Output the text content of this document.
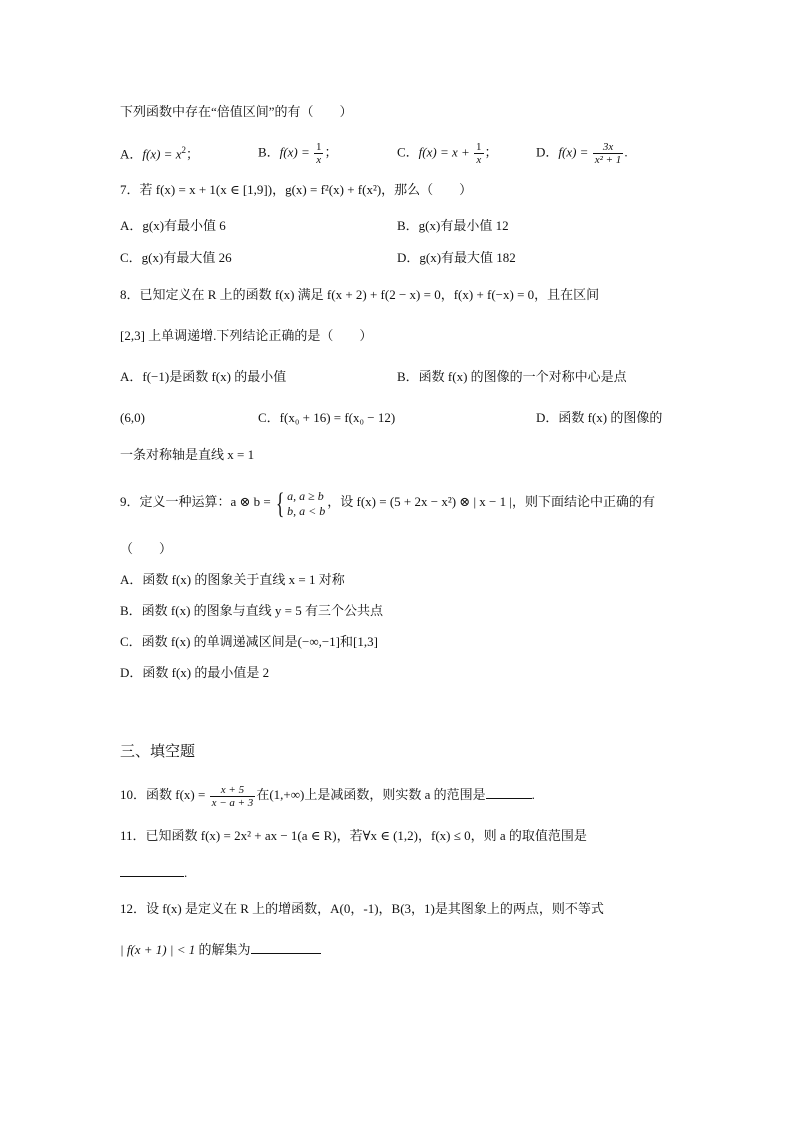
下列函数中存在“倍值区间”的有（　　）
A．$f(x) = x^2$；	B．$f(x) = \frac{1}{x}$ ；	C．$f(x) = x + \frac{1}{x}$ ；	D．$f(x) = \frac{3x}{\text{x² + 1}}$ .
7．若 f(x) = x + 1(x ∈ [1,9])，g(x) = f²(x) + f(x²)，那么（　　）
A．g(x)有最小值 6	B．g(x)有最小值 12
C．g(x)有最大值 26	D．g(x)有最大值 182
8．已知定义在 R 上的函数 f(x) 满足 f(x + 2) + f(2 − x) = 0，f(x) + f(−x) = 0，且在区间
[2,3] 上单调递增.下列结论正确的是（　　）
A．f(−1)是函数 f(x) 的最小值	B．函数 f(x) 的图像的一个对称中心是点
(6,0)	C．f(x₀ + 16) = f(x₀ − 12)	D．函数 f(x) 的图像的
一条对称轴是直线 x = 1
9．定义一种运算：a ⊗ b = { a, a ≥ b
b, a < b
，设 f(x) = (5 + 2x − x²) ⊗ | x − 1 |，则下面结论中正确的有
（　　）
A．函数 f(x) 的图象关于直线 x = 1 对称
B．函数 f(x) 的图象与直线 y = 5 有三个公共点
C．函数 f(x) 的单调递减区间是(−∞,−1]和[1,3]
D．函数 f(x) 的最小值是 2
三、填空题
10．函数 $f(x) = \frac{x + 5}{x - a + 3}$ 在(1,+∞)上是减函数，则实数 a 的范围是	.
11．已知函数 f(x) = 2x² + ax − 1(a ∈ R)，若∀x ∈ (1,2)，f(x) ≤ 0，则 a 的取值范围是
.
12．设 f(x) 是定义在 R 上的增函数，A(0，-1)，B(3，1)是其图象上的两点，则不等式
| f(x + 1) | < 1 的解集为
